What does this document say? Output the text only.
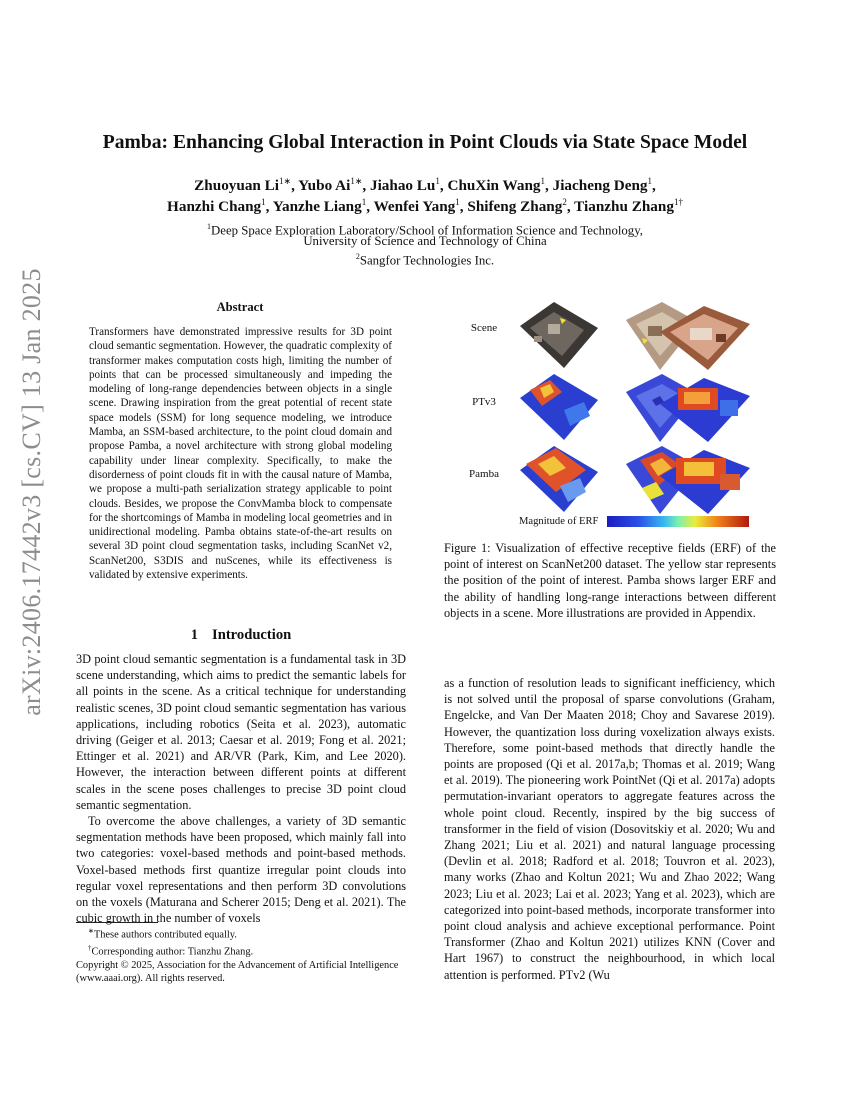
arXiv:2406.17442v3 [cs.CV] 13 Jan 2025
Pamba: Enhancing Global Interaction in Point Clouds via State Space Model
Zhuoyuan $Li^{1∗}$, Yubo $Ai^{1∗}$, Jiahao Lu$^1$, ChuXin Wang$^1$, Jiacheng Deng$^1$,
Hanzhi Chang$^1$, Yanzhe Liang$^1$, Wenfei Yang$^1$, Shifeng Zhang$^2$, Tianzhu Zhang$^{1\dagger}$
$^1$Deep Space Exploration Laboratory/School of Information Science and Technology,
University of Science and Technology of China
$^2$Sangfor Technologies Inc.
Abstract

Transformers have demonstrated impressive results for 3D point cloud semantic segmentation. However, the quadratic complexity of transformer makes computation costs high, limiting the number of points that can be processed simultaneously and impeding the modeling of long-range dependencies between objects in a single scene. Drawing inspiration from the great potential of recent state space models (SSM) for long sequence modeling, we introduce Mamba, an SSM-based architecture, to the point cloud domain and propose Pamba, a novel architecture with strong global modeling capability under linear complexity. Specifically, to make the disorderness of point clouds fit in with the causal nature of Mamba, we propose a multi-path serialization strategy applicable to point clouds. Besides, we propose the ConvMamba block to compensate for the shortcomings of Mamba in modeling local geometries and in unidirectional modeling. Pamba obtains state-of-the-art results on several 3D point cloud segmentation tasks, including ScanNet v2, ScanNet200, S3DIS and nuScenes, while its effectiveness is validated by extensive experiments.

1 Introduction

3D point cloud semantic segmentation is a fundamental task in 3D scene understanding, which aims to predict the semantic labels for all points in the scene. As a critical technique for understanding realistic scenes, 3D point cloud semantic segmentation has various applications, including robotics (Seita et al. 2023), automatic driving (Geiger et al. 2013; Caesar et al. 2019; Fong et al. 2021; Ettinger et al. 2021) and AR/VR (Park, Kim, and Lee 2020). However, the interaction between different points at different scales in the scene poses challenges to precise 3D point cloud semantic segmentation.

To overcome the above challenges, a variety of 3D semantic segmentation methods have been proposed, which mainly fall into two categories: voxel-based methods and point-based methods. Voxel-based methods first quantize irregular point clouds into regular voxel representations and then perform 3D convolutions on the voxels (Maturana and Scherer 2015; Deng et al. 2021). The cubic growth in the number of voxels

∗These authors contributed equally.

†Corresponding author: Tianzhu Zhang.

Copyright © 2025, Association for the Advancement of Artificial Intelligence (www.aaai.org). All rights reserved.

Scene
PTv3
Pamba
Magnitude of ERF

Figure 1: Visualization of effective receptive fields (ERF) of the point of interest on ScanNet200 dataset. The yellow star represents the position of the point of interest. Pamba shows larger ERF and the ability of handling long-range interactions between different objects in a scene. More illustrations are provided in Appendix.

as a function of resolution leads to significant inefficiency, which is not solved until the proposal of sparse convolutions (Graham, Engelcke, and Van Der Maaten 2018; Choy and Savarese 2019). However, the quantization loss during voxelization always exists. Therefore, some point-based methods that directly handle the points are proposed (Qi et al. 2017a,b; Thomas et al. 2019; Wang et al. 2019). The pioneering work PointNet (Qi et al. 2017a) adopts permutation-invariant operators to aggregate features across the whole point cloud. Recently, inspired by the big success of transformer in the field of vision (Dosovitskiy et al. 2020; Wu and Zhang 2021; Liu et al. 2021) and natural language processing (Devlin et al. 2018; Radford et al. 2018; Touvron et al. 2023), many works (Zhao and Koltun 2021; Wu and Zhao 2022; Wang 2023; Liu et al. 2023; Lai et al. 2023; Yang et al. 2023), which are categorized into point-based methods, incorporate transformer into point cloud analysis and achieve exceptional performance. Point Transformer (Zhao and Koltun 2021) utilizes KNN (Cover and Hart 1967) to construct the neighbourhood, in which local attention is performed. PTv2 (Wu
